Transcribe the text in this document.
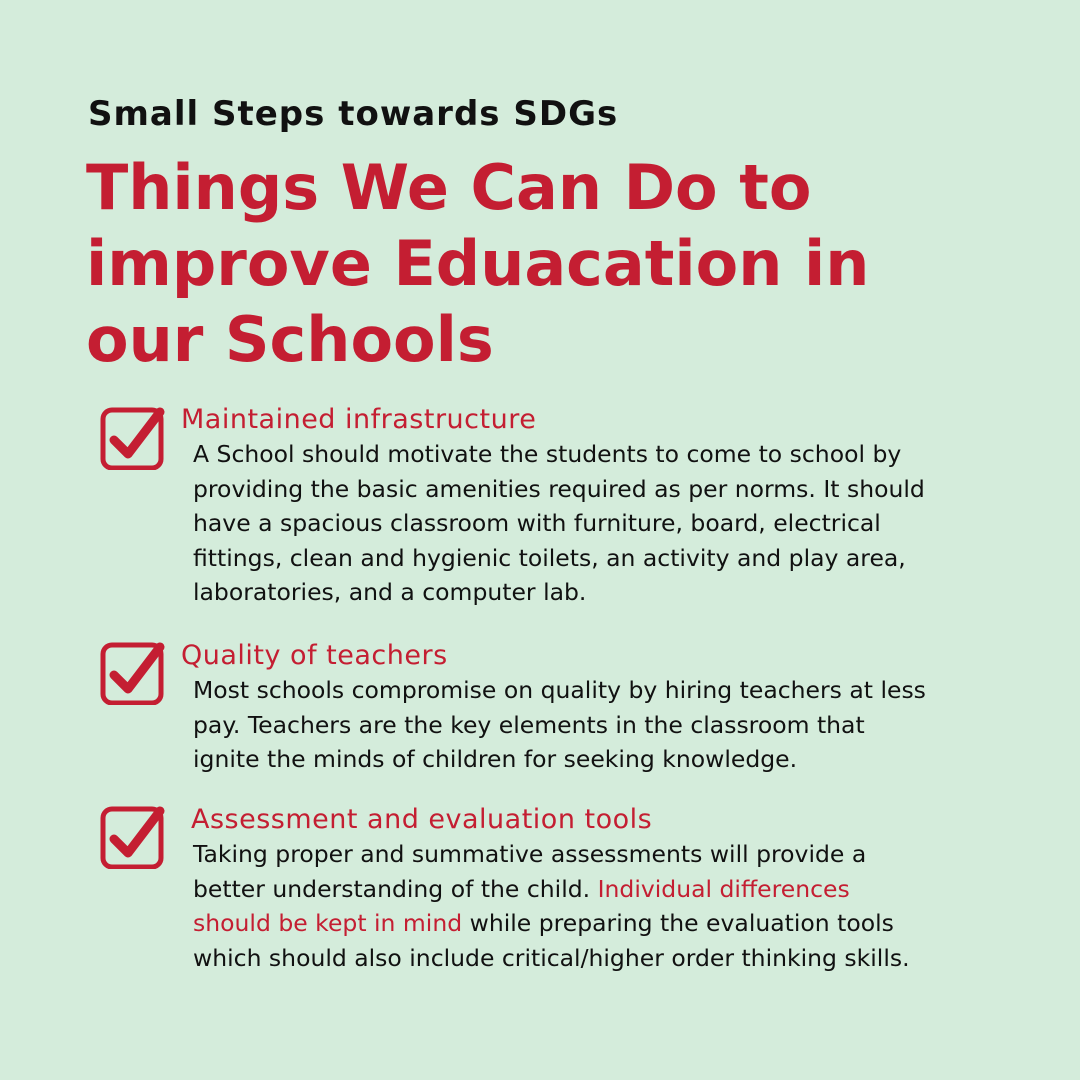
Small Steps towards SDGs
Things We Can Do to
improve Eduacation in
our Schools
Maintained infrastructure
A School should motivate the students to come to school by
providing the basic amenities required as per norms. It should
have a spacious classroom with furniture, board, electrical
fittings, clean and hygienic toilets, an activity and play area,
laboratories, and a computer lab.
Quality of teachers
Most schools compromise on quality by hiring teachers at less
pay. Teachers are the key elements in the classroom that
ignite the minds of children for seeking knowledge.
Assessment and evaluation tools
Taking proper and summative assessments will provide a
better understanding of the child. Individual differences
should be kept in mind while preparing the evaluation tools
which should also include critical/higher order thinking skills.
